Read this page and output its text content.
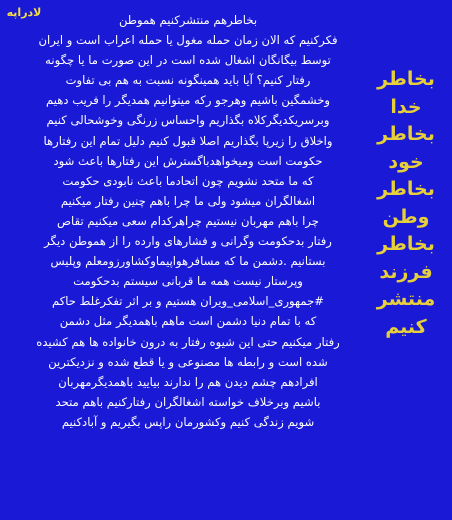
لادراپه
بخاطرهم منتشرکنیم هموطن
فکرکنیم که الان زمان حمله مغول یا حمله اعراب است و ایران
توسط بیگانگان اشغال شده است در این صورت ما یا چگونه
رفتار کنیم؟ آیا باید همینگونه نسبت به هم بی تفاوت
وخشمگین باشیم وهرجو رکه میتوانیم همدیگر را فریب دهیم
وبرسریکدیگرکلاه بگذاریم واحساس زرنگی وخوشحالی کنیم
واخلاق را زیرپا بگذاریم اصلا قبول کنیم دلیل تمام این رفتارها
حکومت است ومیخواهدباگسترش این رفتارها باعث شود
که ما متحد نشویم چون اتحادما باعث نابودی حکومت
اشغالگران میشود ولی ما چرا باهم چنین رفتار میکنیم
چرا باهم مهربان نیستیم چراهرکدام سعی میکنیم تقاص
رفتار بدحکومت وگرانی و فشارهای وارده را از هموطن دیگر
بستانیم .دشمن ما که مسافرهواپیماوکشاورزومعلم وپلیس
وپرستار نیست همه ما قربانی سیستم بدحکومت
#جمهوری_اسلامی_ویران هستیم و بر اثر تفکرغلط حاکم
که با تمام دنیا دشمن است ماهم باهمدیگر مثل دشمن
رفتار میکنیم حتی این شیوه رفتار به درون خانواده ها هم کشیده
شده است و رابطه ها مصنوعی و یا قطع شده و نزدیکترین
افرادهم چشم دیدن هم را ندارند بیایید باهمدیگرمهربان
باشیم وبرخلاف خواسته اشغالگران رفتارکنیم باهم متحد
شویم زندگی کنیم وکشورمان راپس بگیریم و آبادکنیم
بخاطر
خدا
بخاطر
خود
بخاطر
وطن
بخاطر
فرزند
منتشر
کنیم
